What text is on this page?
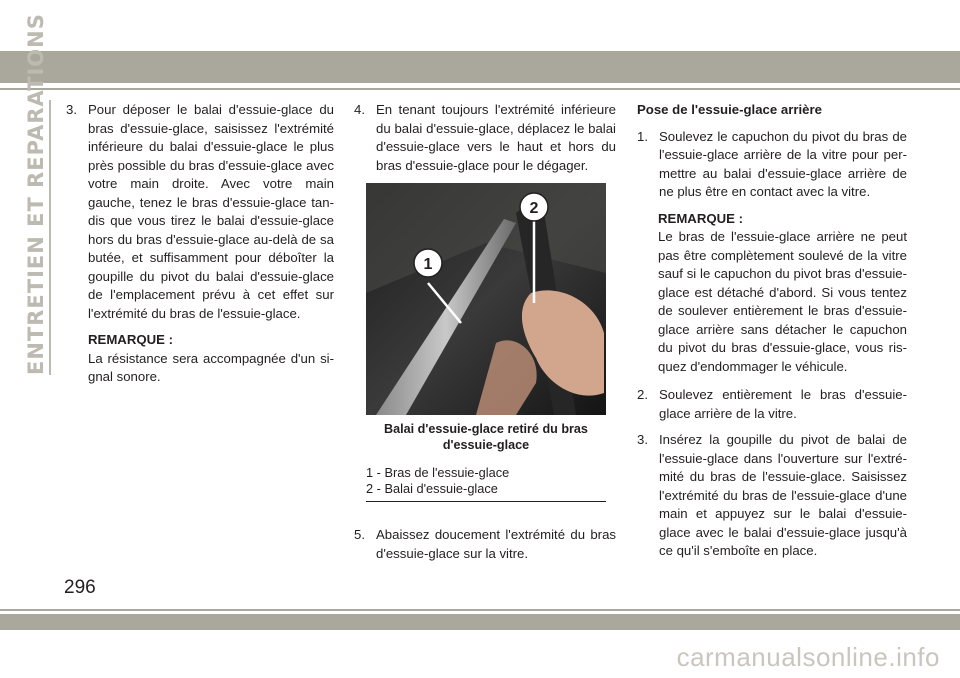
ENTRETIEN ET REPARATIONS 3. Pour déposer le balai d'essuie-glace du bras d'essuie-glace, saisissez l'extrémité inférieure du balai d'essuie-glace le plus près possible du bras d'essuie-glace avec votre main droite. Avec votre main gauche, tenez le bras d'essuie-glace tan-dis que vous tirez le balai d'essuie-glace hors du bras d'essuie-glace au-delà de sa butée, et suffisamment pour déboîter la goupille du pivot du balai d'essuie-glace de l'emplacement prévu à cet effet sur l'extrémité du bras de l'essuie-glace.
REMARQUE :
La résistance sera accompagnée d'un si-gnal sonore.
4. En tenant toujours l'extrémité inférieure du balai d'essuie-glace, déplacez le balai d'essuie-glace vers le haut et hors du bras d'essuie-glace pour le dégager.
1
2
Balai d'essuie-glace retiré du bras d'essuie-glace
1 - Bras de l'essuie-glace
2 - Balai d'essuie-glace
5. Abaissez doucement l'extrémité du bras d'essuie-glace sur la vitre.
Pose de l'essuie-glace arrière
1. Soulevez le capuchon du pivot du bras de l'essuie-glace arrière de la vitre pour per-mettre au balai d'essuie-glace arrière de ne plus être en contact avec la vitre.
REMARQUE :
Le bras de l'essuie-glace arrière ne peut pas être complètement soulevé de la vitre sauf si le capuchon du pivot bras d'essuie-glace est détaché d'abord. Si vous tentez de soulever entièrement le bras d'essuie-glace arrière sans détacher le capuchon du pivot du bras d'essuie-glace, vous ris-quez d'endommager le véhicule.
2. Soulevez entièrement le bras d'essuie-glace arrière de la vitre.
3. Insérez la goupille du pivot de balai de l'essuie-glace dans l'ouverture sur l'extré-mité du bras de l'essuie-glace. Saisissez l'extrémité du bras de l'essuie-glace d'une main et appuyez sur le balai d'essuie-glace avec le balai d'essuie-glace jusqu'à ce qu'il s'emboîte en place.
296
carmanualsonline.info
